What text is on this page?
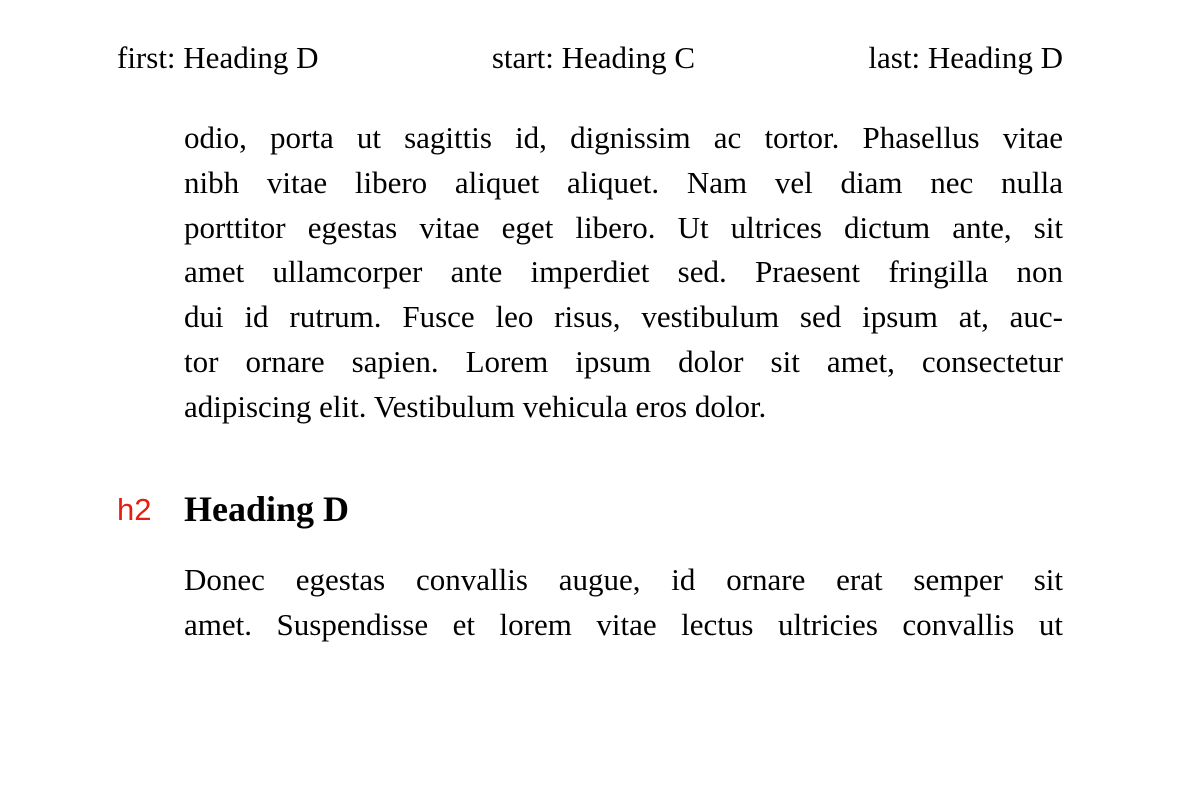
first: Heading D	start: Heading C	last: Heading D
odio, porta ut sagittis id, dignissim ac tortor. Phasellus vitae
nibh vitae libero aliquet aliquet. Nam vel diam nec nulla
porttitor egestas vitae eget libero. Ut ultrices dictum ante, sit
amet ullamcorper ante imperdiet sed. Praesent fringilla non
dui id rutrum. Fusce leo risus, vestibulum sed ipsum at, auc-
tor ornare sapien. Lorem ipsum dolor sit amet, consectetur
adipiscing elit. Vestibulum vehicula eros dolor.
h2 Heading D
Donec egestas convallis augue, id ornare erat semper sit
amet. Suspendisse et lorem vitae lectus ultricies convallis ut
